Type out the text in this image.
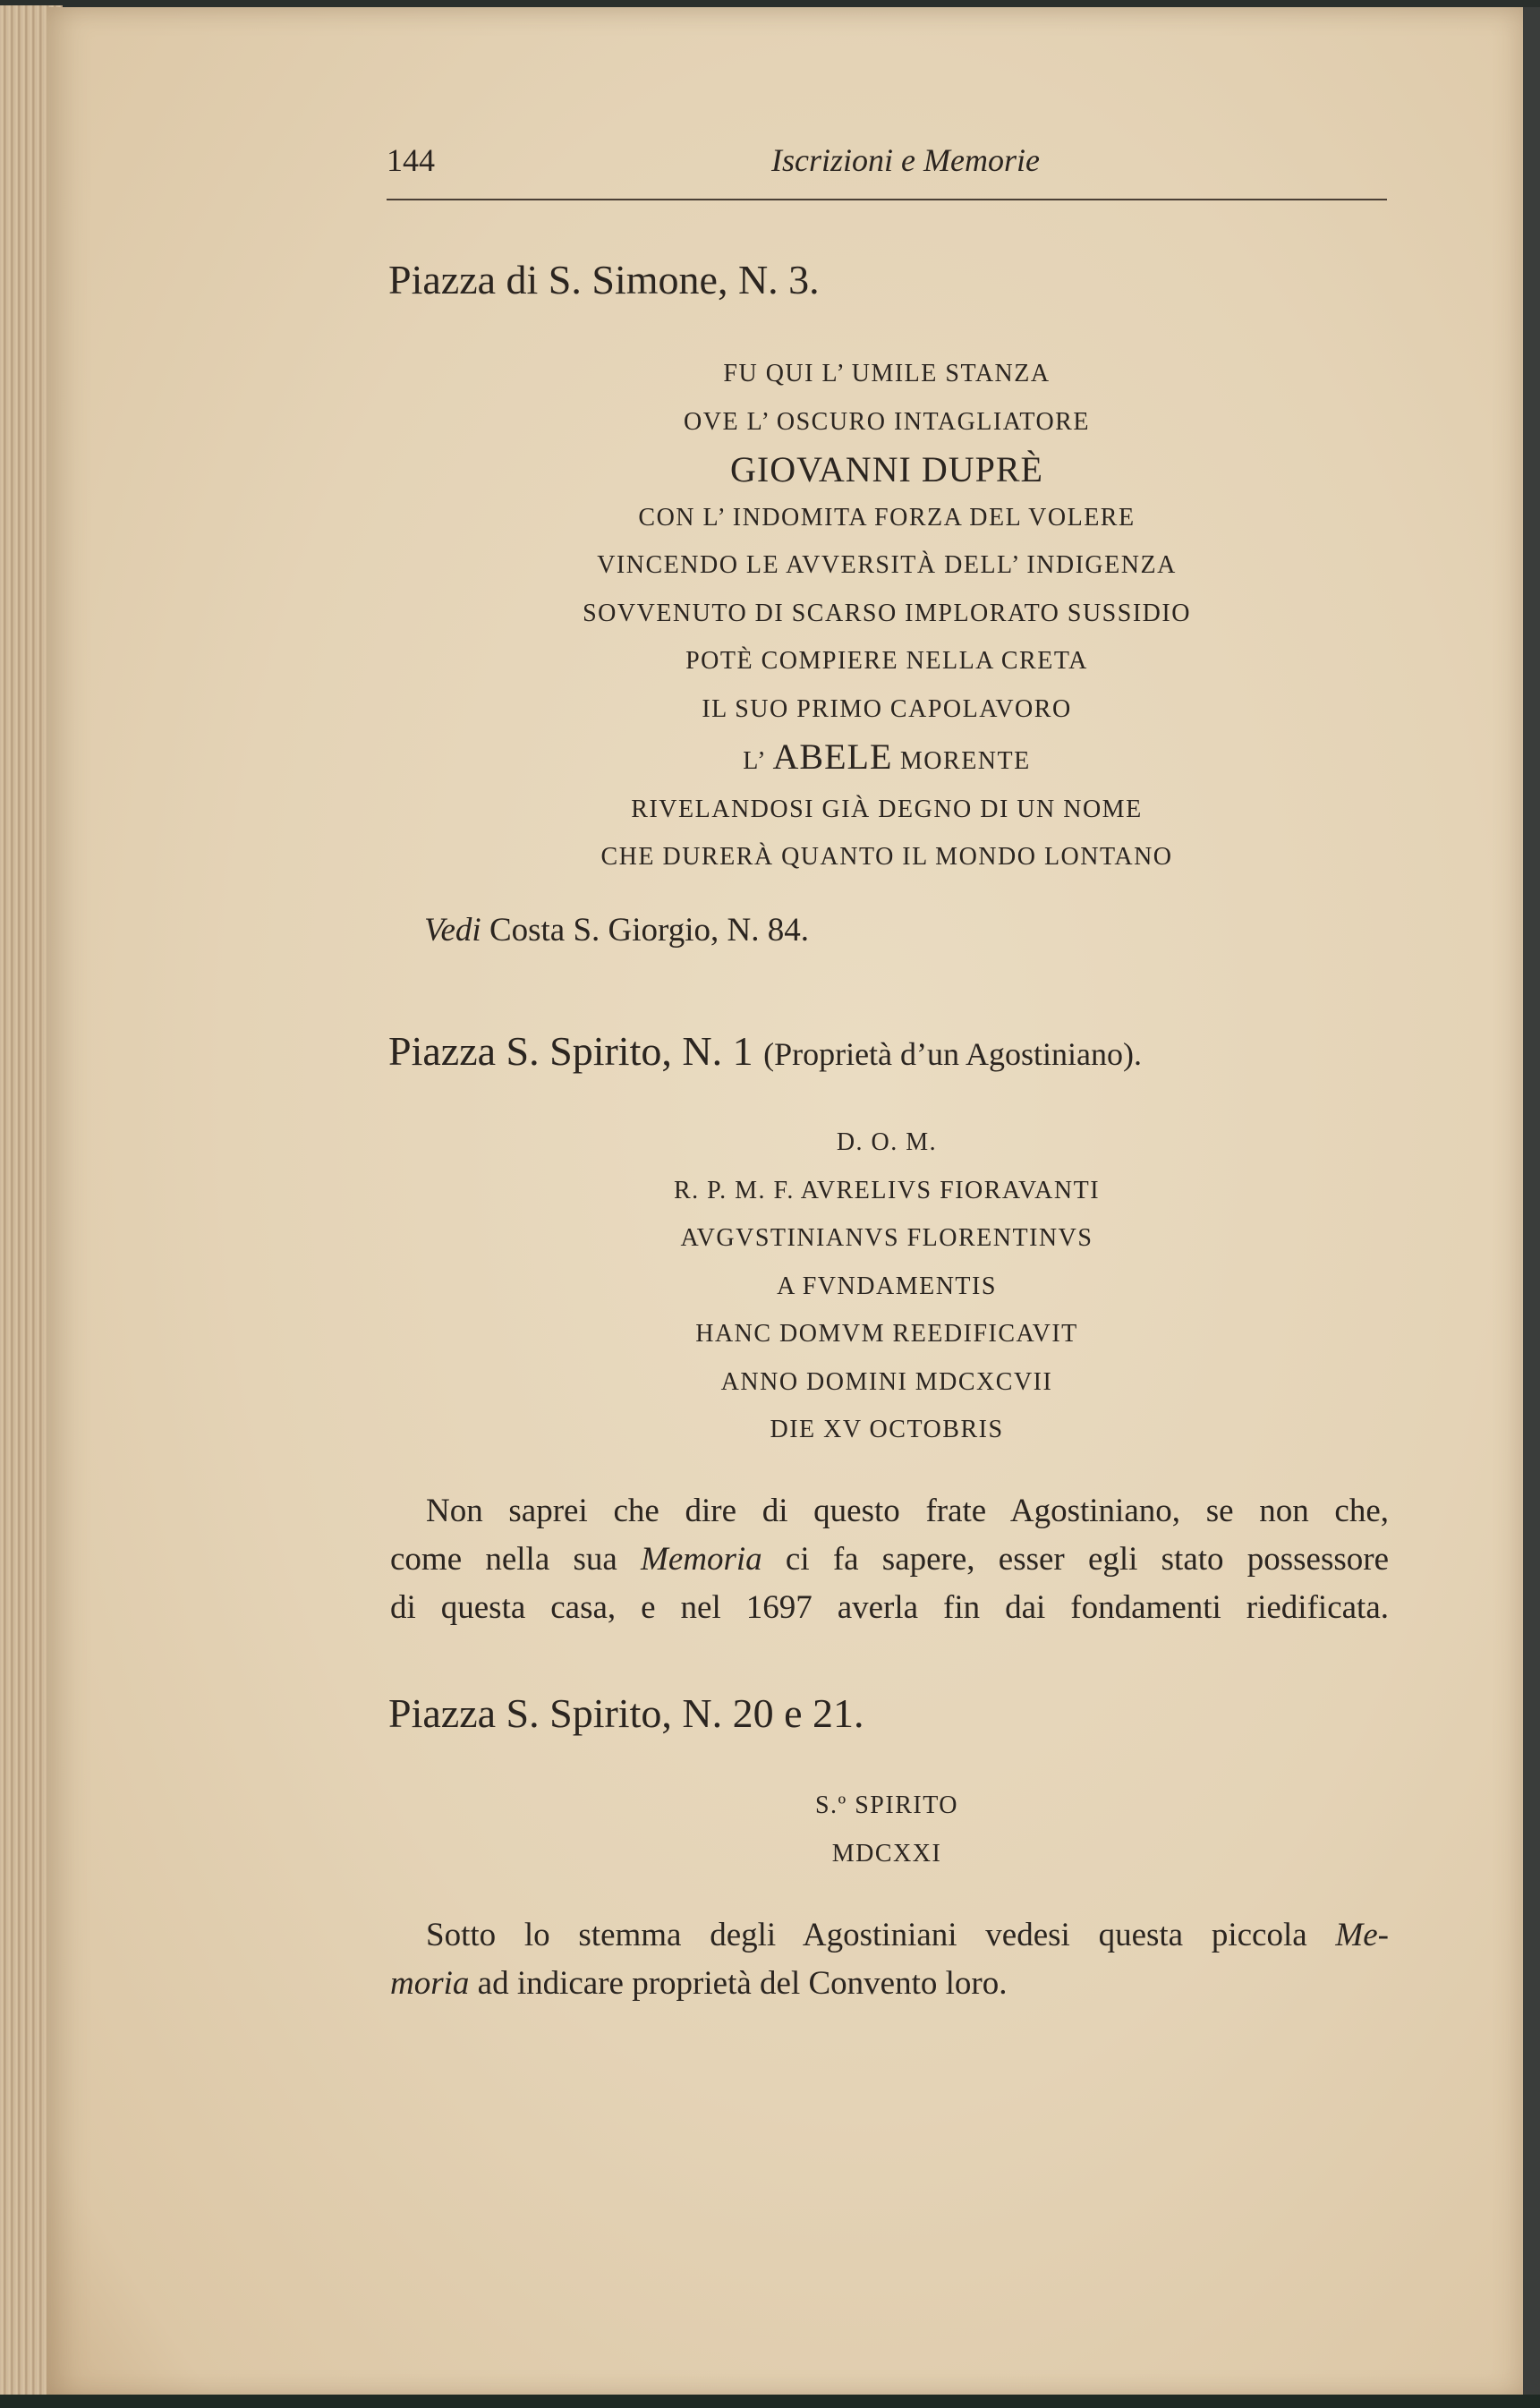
144	Iscrizioni e Memorie
Piazza di S. Simone, N. 3.
FU QUI L’ UMILE STANZA
OVE L’ OSCURO INTAGLIATORE
GIOVANNI DUPRÈ
CON L’ INDOMITA FORZA DEL VOLERE
VINCENDO LE AVVERSITÀ DELL’ INDIGENZA
SOVVENUTO DI SCARSO IMPLORATO SUSSIDIO
POTÈ COMPIERE NELLA CRETA
IL SUO PRIMO CAPOLAVORO
L’ ABELE MORENTE
RIVELANDOSI GIÀ DEGNO DI UN NOME
CHE DURERÀ QUANTO IL MONDO LONTANO
Vedi Costa S. Giorgio, N. 84.
Piazza S. Spirito, N. 1 (Proprietà d’un Agostiniano).
D. O. M.
R. P. M. F. AVRELIVS FIORAVANTI
AVGVSTINIANVS FLORENTINVS
A FVNDAMENTIS
HANC DOMVM REEDIFICAVIT
ANNO DOMINI MDCXCVII
DIE XV OCTOBRIS
Non saprei che dire di questo frate Agostiniano, se non che,
come nella sua Memoria ci fa sapere, esser egli stato possessore
di questa casa, e nel 1697 averla fin dai fondamenti riedificata.
Piazza S. Spirito, N. 20 e 21.
S.º SPIRITO
MDCXXI
Sotto lo stemma degli Agostiniani vedesi questa piccola Me-
moria ad indicare proprietà del Convento loro.
